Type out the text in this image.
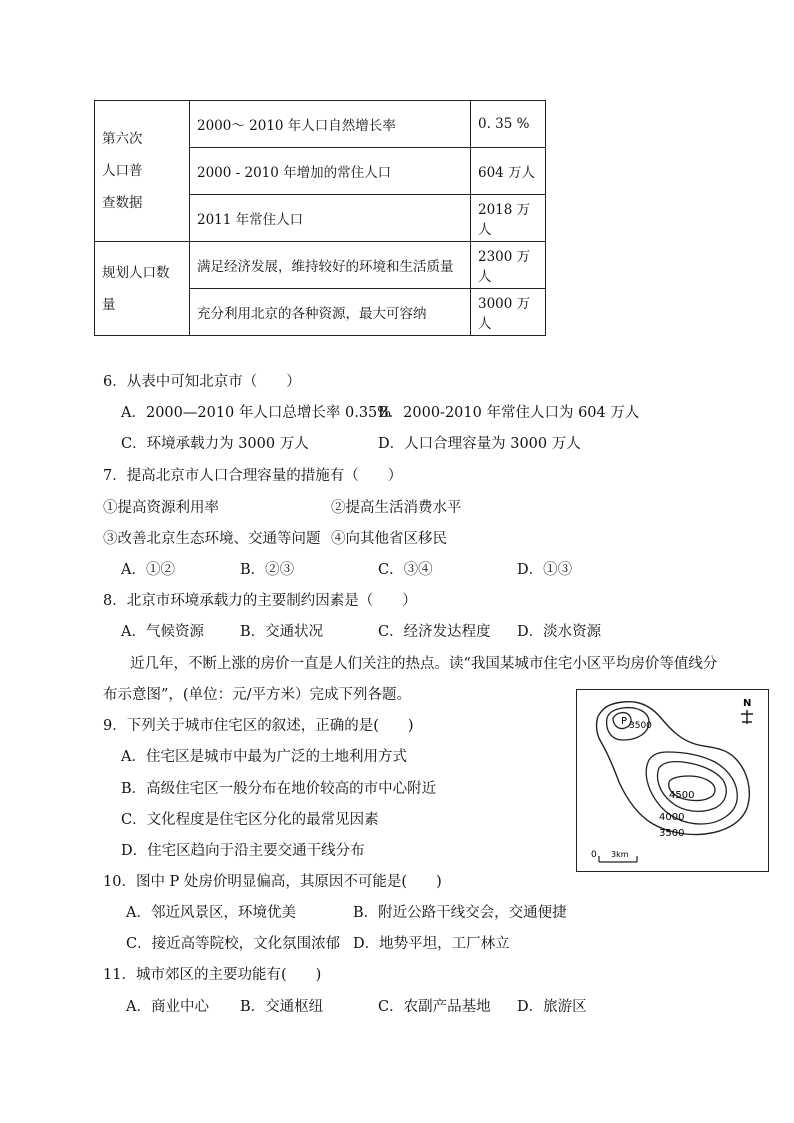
第六次
人口普
查数据	2000～ 2010 年人口自然增长率	0. 35 %
	2000 - 2010 年增加的常住人口	604 万人
	2011 年常住人口	2018 万人
规划人口数量	满足经济发展，维持较好的环境和生活质量	2300 万人
	充分利用北京的各种资源，最大可容纳	3000 万人
6．从表中可知北京市（　　）
A．2000—2010 年人口总增长率 0.35%
B．2000-2010 年常住人口为 604 万人
C．环境承载力为 3000 万人	D．人口合理容量为 3000 万人
7．提高北京市人口合理容量的措施有（　　）
①提高资源利用率	②提高生活消费水平
③改善北京生态环境、交通等问题 ④向其他省区移民
A．①②	B．②③	C．③④	D．①③
8．北京市环境承载力的主要制约因素是（　　）
A．气候资源 B．交通状况	C．经济发达程度 D．淡水资源
近几年，不断上涨的房价一直是人们关注的热点。读“我国某城市住宅小区平均房价等值线分
布示意图”，(单位：元/平方米）完成下列各题。
9．下列关于城市住宅区的叙述，正确的是(　　)
A．住宅区是城市中最为广泛的土地利用方式
B．高级住宅区一般分布在地价较高的市中心附近
C．文化程度是住宅区分化的最常见因素
D．住宅区趋向于沿主要交通干线分布
10．图中 P 处房价明显偏高，其原因不可能是(　　)
A．邻近风景区，环境优美	B．附近公路干线交会，交通便捷
C．接近高等院校，文化氛围浓郁 D．地势平坦，工厂林立
11．城市郊区的主要功能有(　　)
A．商业中心 B．交通枢纽	C．农副产品基地 D．旅游区
P 3500
4500
4000
3500
N
0 3km
